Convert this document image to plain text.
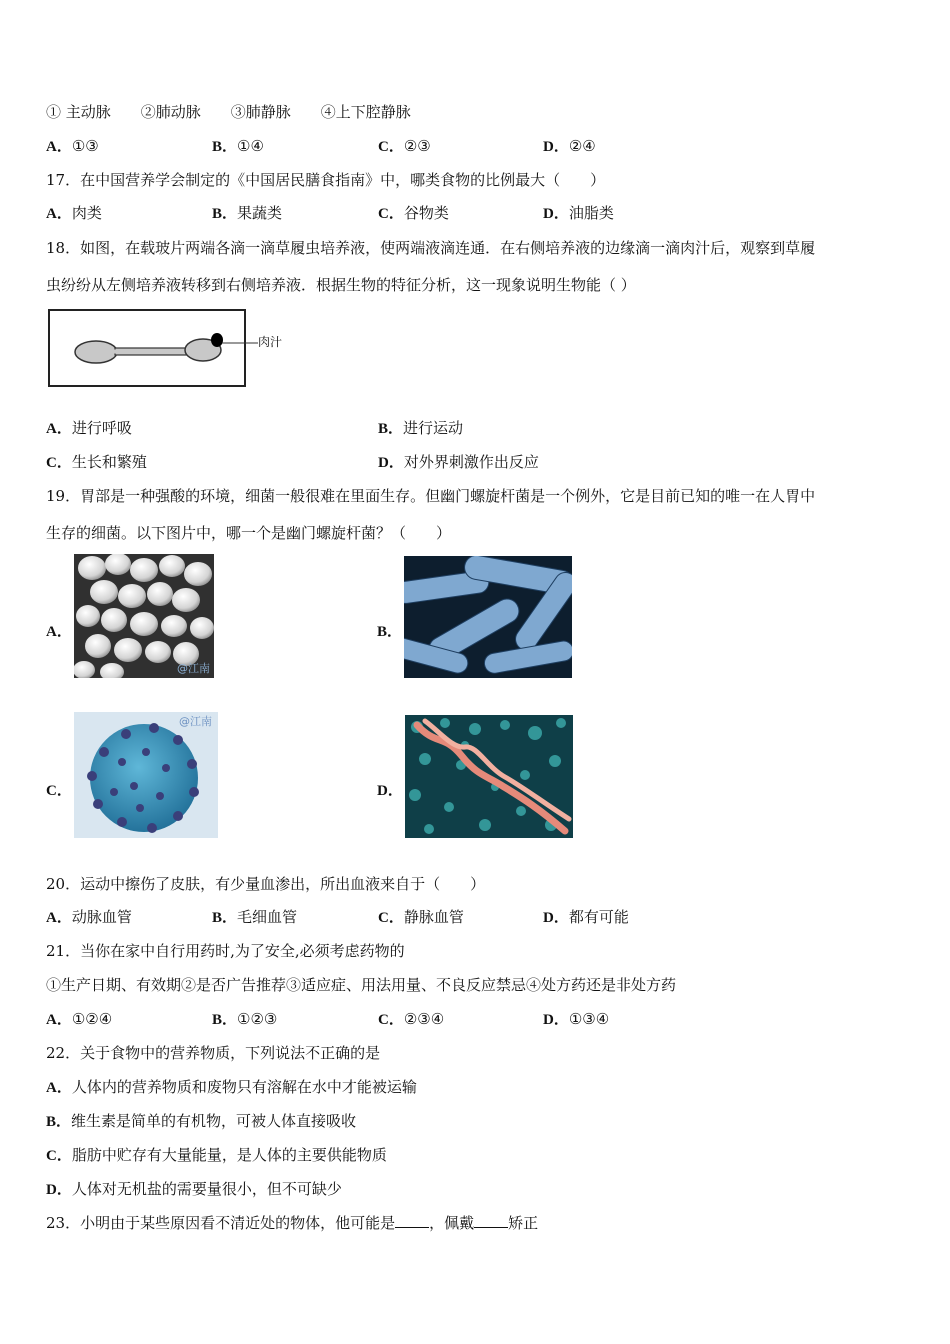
① 主动脉　　②肺动脉　　③肺静脉　　④上下腔静脉
A．①③	B．①④	C．②③	D．②④
17．在中国营养学会制定的《中国居民膳食指南》中，哪类食物的比例最大（　　）
A．肉类	B．果蔬类	C．谷物类	D．油脂类
18．如图，在载玻片两端各滴一滴草履虫培养液，使两端液滴连通．在右侧培养液的边缘滴一滴肉汁后，观察到草履
虫纷纷从左侧培养液转移到右侧培养液．根据生物的特征分析，这一现象说明生物能（ ）
肉汁
A．进行呼吸	B．进行运动
C．生长和繁殖	D．对外界刺激作出反应
19．胃部是一种强酸的环境，细菌一般很难在里面生存。但幽门螺旋杆菌是一个例外，它是目前已知的唯一在人胃中
生存的细菌。以下图片中，哪一个是幽门螺旋杆菌？（　　）
A．
@江南
B．
C．
@江南
D．
20．运动中擦伤了皮肤，有少量血渗出，所出血液来自于（　　）
A．动脉血管	B．毛细血管	C．静脉血管	D．都有可能
21．当你在家中自行用药时,为了安全,必须考虑药物的
①生产日期、有效期②是否广告推荐③适应症、用法用量、不良反应禁忌④处方药还是非处方药
A．①②④	B．①②③	C．②③④	D．①③④
22．关于食物中的营养物质，下列说法不正确的是
A．人体内的营养物质和废物只有溶解在水中才能被运输
B．维生素是简单的有机物，可被人体直接吸收
C．脂肪中贮存有大量能量，是人体的主要供能物质
D．人体对无机盐的需要量很小，但不可缺少
23．小明由于某些原因看不清近处的物体，他可能是 ，佩戴 矫正
